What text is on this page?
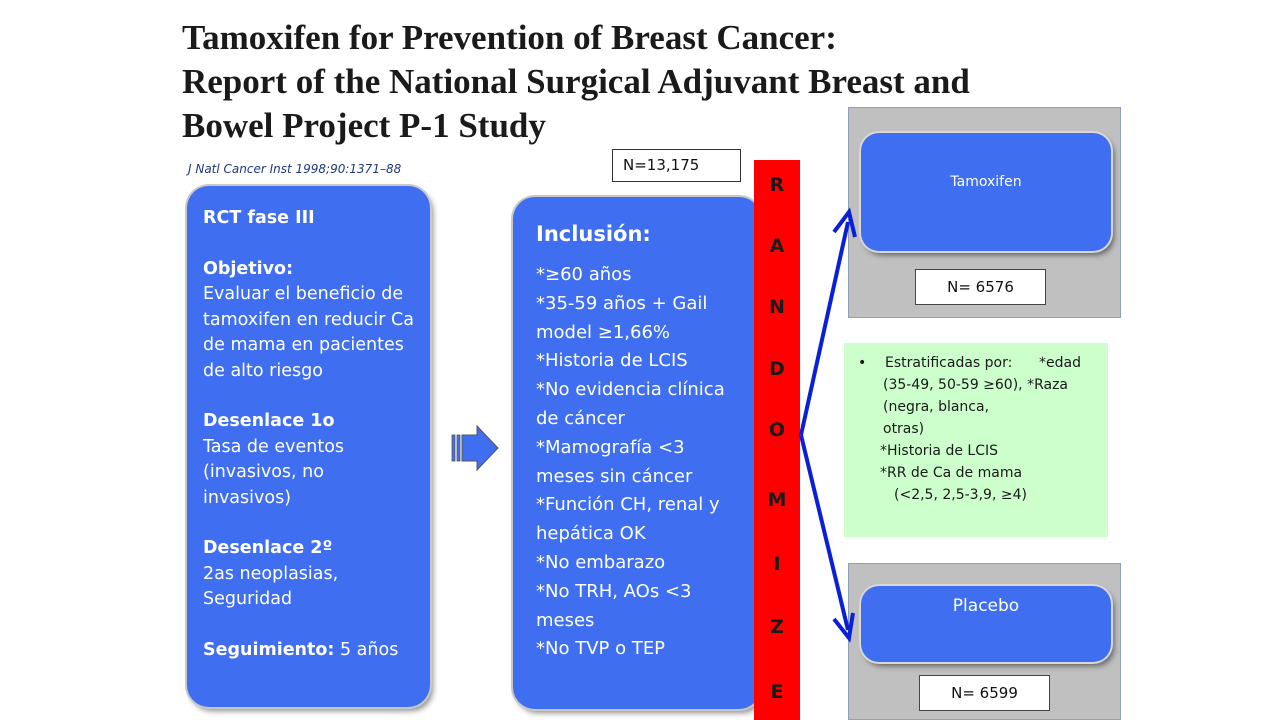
Tamoxifen for Prevention of Breast Cancer:
Report of the National Surgical Adjuvant Breast and
Bowel Project P-1 Study
J Natl Cancer Inst 1998;90:1371–88
RCT fase III
Objetivo:
Evaluar el beneficio de tamoxifen en reducir Ca de mama en pacientes de alto riesgo
Desenlace 1o
Tasa de eventos (invasivos, no invasivos)
Desenlace 2º
2as neoplasias, Seguridad
Seguimiento: 5 años
Inclusión:
*≥60 años
*35-59 años + Gail model ≥1,66%
*Historia de LCIS
*No evidencia clínica de cáncer
*Mamografía <3 meses sin cáncer
*Función CH, renal y hepática OK
*No embarazo
*No TRH, AOs <3 meses
*No TVP o TEP
N=13,175
R
A
N
D
O
M
I
Z
E
Tamoxifen
N= 6576
Placebo
N= 6599
• Estratificadas por:      *edad
(35-49, 50-59 ≥60), *Raza
(negra, blanca,
otras)
*Historia de LCIS
*RR de Ca de mama
(<2,5, 2,5-3,9, ≥4)
